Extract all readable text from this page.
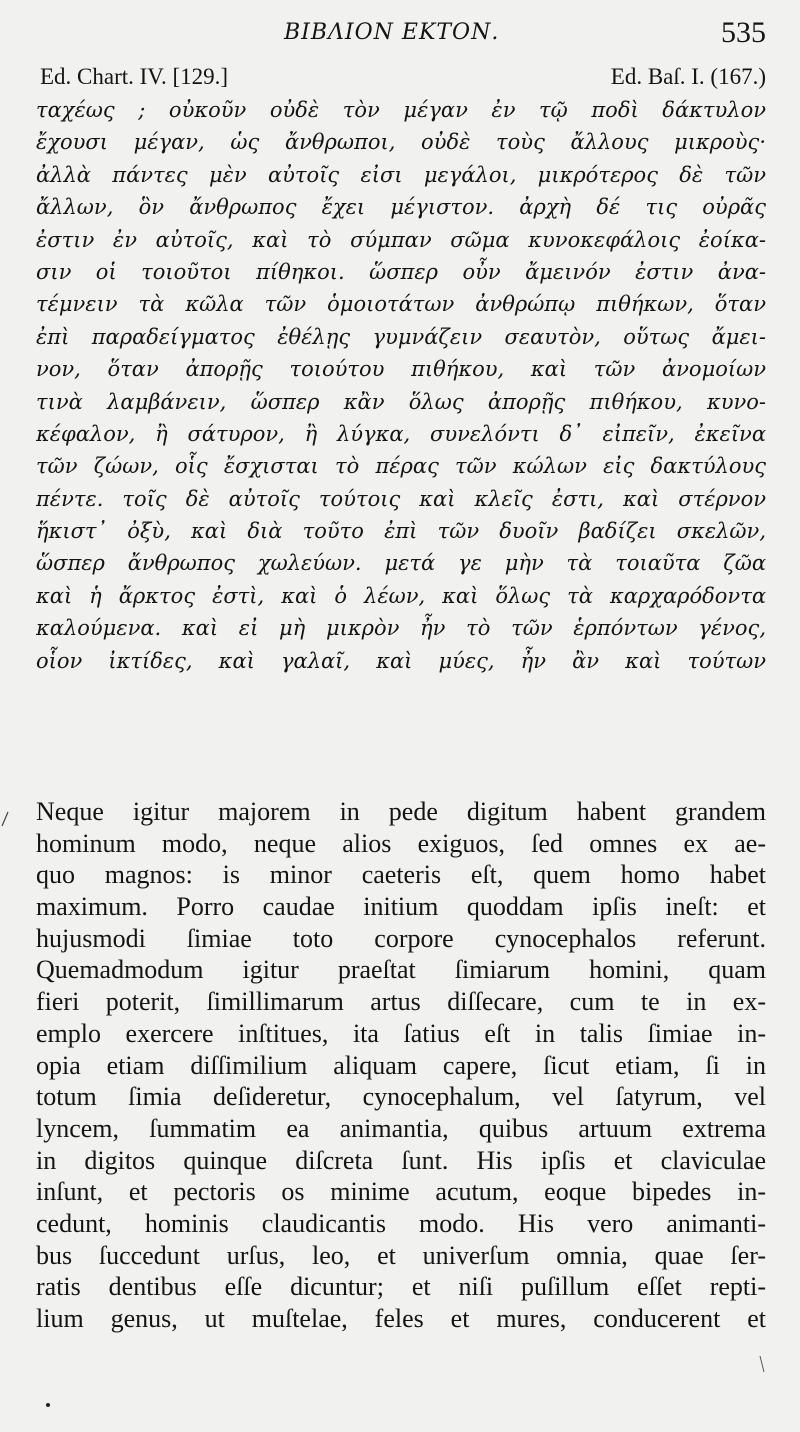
ΒΙΒΛΙΟΝ ΕΚΤΟΝ.	535
Ed. Chart. IV. [129.]	Ed. Baſ. I. (167.)
ταχέως ; οὐκοῦν οὐδὲ τὸν μέγαν ἐν τῷ ποδὶ δάκτυλον
ἔχουσι μέγαν, ὡς ἄνθρωποι, οὐδὲ τοὺς ἄλλους μικροὺς·
ἀλλὰ πάντες μὲν αὐτοῖς εἰσι μεγάλοι, μικρότερος δὲ τῶν
ἄλλων, ὃν ἄνθρωπος ἔχει μέγιστον. ἀρχὴ δέ τις οὐρᾶς
ἐστιν ἐν αὐτοῖς, καὶ τὸ σύμπαν σῶμα κυνοκεφάλοις ἐοίκα-
σιν οἱ τοιοῦτοι πίθηκοι. ὥσπερ οὖν ἄμεινόν ἐστιν ἀνα-
τέμνειν τὰ κῶλα τῶν ὁμοιοτάτων ἀνθρώπῳ πιθήκων, ὅταν
ἐπὶ παραδείγματος ἐθέλῃς γυμνάζειν σεαυτὸν, οὕτως ἄμει-
νον, ὅταν ἀπορῇς τοιούτου πιθήκου, καὶ τῶν ἀνομοίων
τινὰ λαμβάνειν, ὥσπερ κἂν ὅλως ἀπορῇς πιθήκου, κυνο-
κέφαλον, ἢ σάτυρον, ἢ λύγκα, συνελόντι δ᾽ εἰπεῖν, ἐκεῖνα
τῶν ζώων, οἷς ἔσχισται τὸ πέρας τῶν κώλων εἰς δακτύλους
πέντε. τοῖς δὲ αὐτοῖς τούτοις καὶ κλεῖς ἐστι, καὶ στέρνον
ἥκιστ᾽ ὀξὺ, καὶ διὰ τοῦτο ἐπὶ τῶν δυοῖν βαδίζει σκελῶν,
ὥσπερ ἄνθρωπος χωλεύων. μετά γε μὴν τὰ τοιαῦτα ζῶα
καὶ ἡ ἄρκτος ἐστὶ, καὶ ὁ λέων, καὶ ὅλως τὰ καρχαρόδοντα
καλούμενα. καὶ εἰ μὴ μικρὸν ἦν τὸ τῶν ἑρπόντων γένος,
οἷον ἰκτίδες, καὶ γαλαῖ, καὶ μύες, ἦν ἂν καὶ τούτων
Neque igitur majorem in pede digitum habent grandem
hominum modo, neque alios exiguos, ſed omnes ex ae-
quo magnos: is minor caeteris eſt, quem homo habet
maximum. Porro caudae initium quoddam ipſis ineſt: et
hujusmodi ſimiae toto corpore cynocephalos referunt.
Quemadmodum igitur praeſtat ſimiarum homini, quam
fieri poterit, ſimillimarum artus diſſecare, cum te in ex-
emplo exercere inſtitues, ita ſatius eſt in talis ſimiae in-
opia etiam diſſimilium aliquam capere, ſicut etiam, ſi in
totum ſimia deſideretur, cynocephalum, vel ſatyrum, vel
lyncem, ſummatim ea animantia, quibus artuum extrema
in digitos quinque diſcreta ſunt. His ipſis et claviculae
inſunt, et pectoris os minime acutum, eoque bipedes in-
cedunt, hominis claudicantis modo. His vero animanti-
bus ſuccedunt urſus, leo, et univerſum omnia, quae ſer-
ratis dentibus eſſe dicuntur; et niſi puſillum eſſet repti-
lium genus, ut muſtelae, feles et mures, conducerent et
